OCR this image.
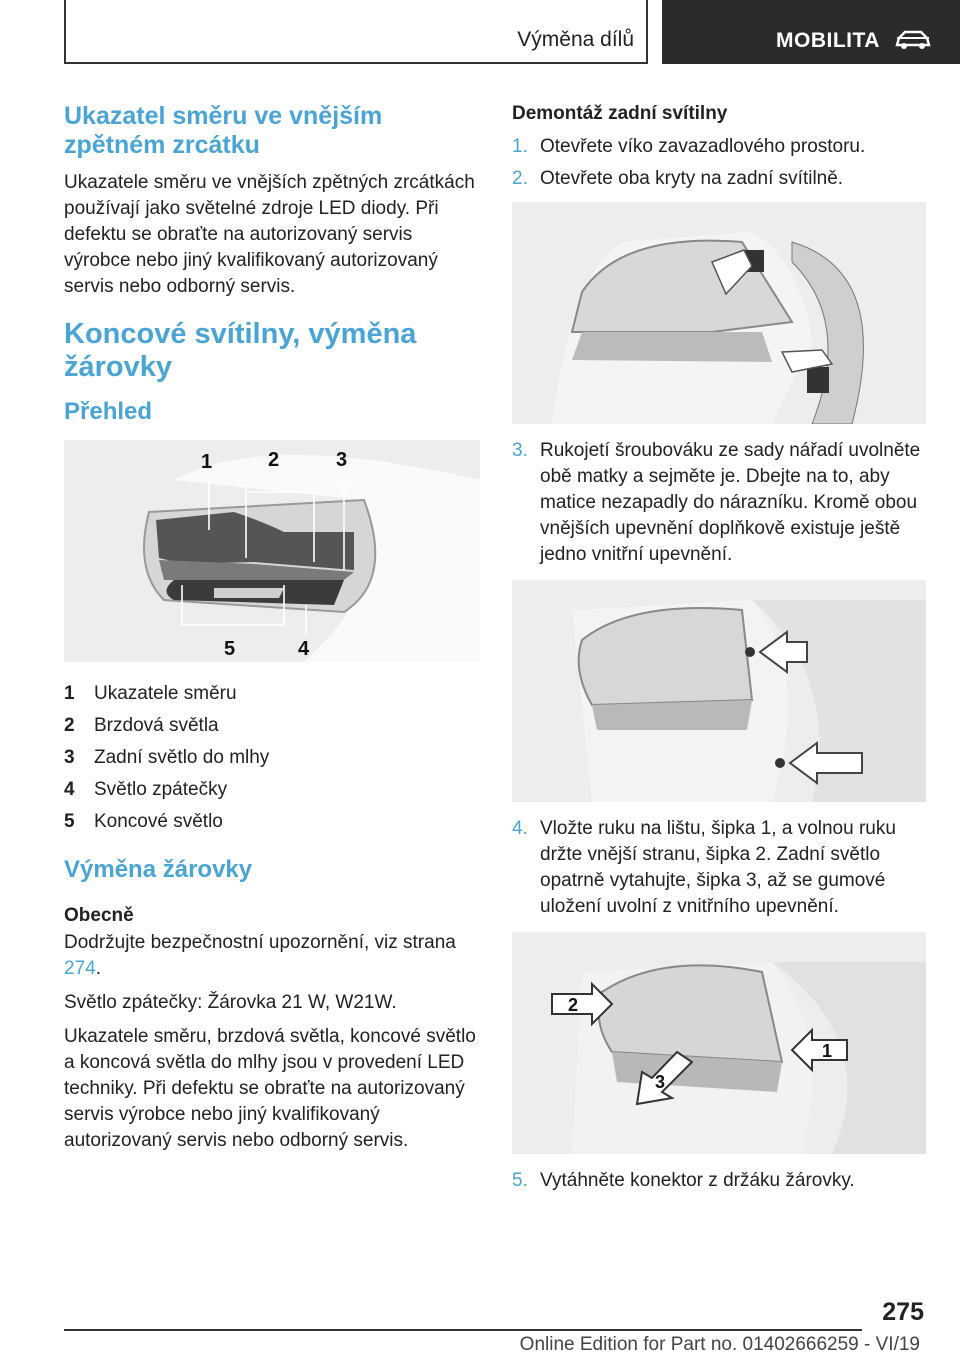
Výměna dílů	MOBILITA
Ukazatel směru ve vnějším zpětném zrcátku

Ukazatele směru ve vnějších zpětných zrcátkách používají jako světelné zdroje LED diody. Při defektu se obraťte na autorizovaný servis výrobce nebo jiný kvalifikovaný autorizovaný servis nebo odborný servis.

Koncové svítilny, výměna žárovky
Přehled
1	2	3
4
5
1 Ukazatele směru
2 Brzdová světla
3 Zadní světlo do mlhy
4 Světlo zpátečky
5 Koncové světlo
Výměna žárovky
Obecně

Dodržujte bezpečnostní upozornění, viz strana 274.

Světlo zpátečky: Žárovka 21 W, W21W.

Ukazatele směru, brzdová světla, koncové světlo a koncová světla do mlhy jsou v provedení LED techniky. Při defektu se obraťte na autorizovaný servis výrobce nebo jiný kvalifikovaný autorizovaný servis nebo odborný servis.

Demontáž zadní svítilny
1. Otevřete víko zavazadlového prostoru.
2. Otevřete oba kryty na zadní svítilně.
3. Rukojetí šroubováku ze sady nářadí uvolněte obě matky a sejměte je. Dbejte na to, aby matice nezapadly do nárazníku. Kromě obou vnějších upevnění doplňkově existuje ještě jedno vnitřní upevnění.
4. Vložte ruku na lištu, šipka 1, a volnou ruku držte vnější stranu, šipka 2. Zadní světlo opatrně vytahujte, šipka 3, až se gumové uložení uvolní z vnitřního upevnění.
2
1
3
5. Vytáhněte konektor z držáku žárovky.
275
Online Edition for Part no. 01402666259 - VI/19
